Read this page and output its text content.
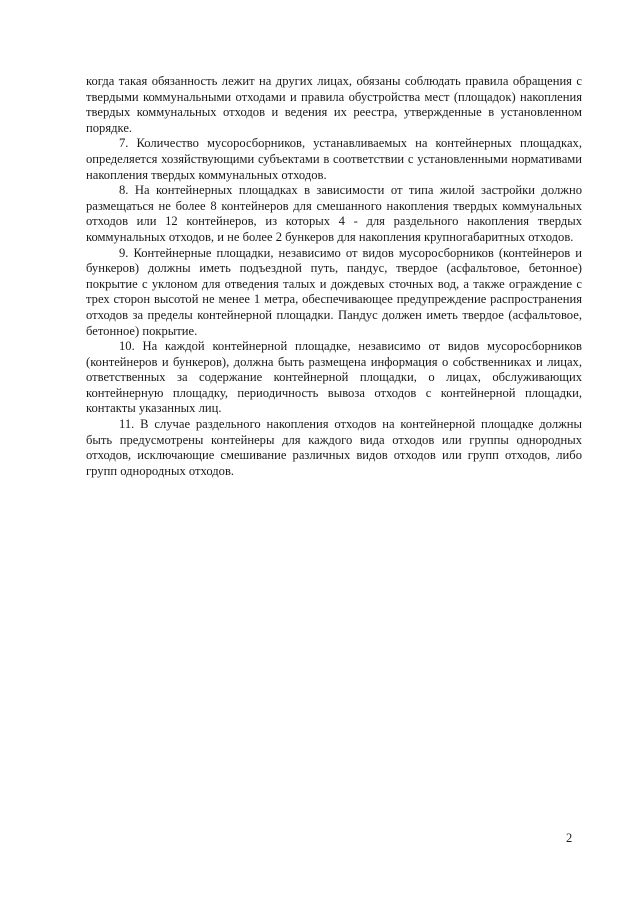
когда такая обязанность лежит на других лицах, обязаны соблюдать правила обращения с твердыми коммунальными отходами и правила обустройства мест (площадок) накопления твердых коммунальных отходов и ведения их реестра, утвержденные в установленном порядке.

7. Количество мусоросборников, устанавливаемых на контейнерных площадках, определяется хозяйствующими субъектами в соответствии с установленными нормативами накопления твердых коммунальных отходов.

8. На контейнерных площадках в зависимости от типа жилой застройки должно размещаться не более 8 контейнеров для смешанного накопления твердых коммунальных отходов или 12 контейнеров, из которых 4 - для раздельного накопления твердых коммунальных отходов, и не более 2 бункеров для накопления крупногабаритных отходов.

9. Контейнерные площадки, независимо от видов мусоросборников (контейнеров и бункеров) должны иметь подъездной путь, пандус, твердое (асфальтовое, бетонное) покрытие с уклоном для отведения талых и дождевых сточных вод, а также ограждение с трех сторон высотой не менее 1 метра, обеспечивающее предупреждение распространения отходов за пределы контейнерной площадки. Пандус должен иметь твердое (асфальтовое, бетонное) покрытие.

10. На каждой контейнерной площадке, независимо от видов мусоросборников (контейнеров и бункеров), должна быть размещена информация о собственниках и лицах, ответственных за содержание контейнерной площадки, о лицах, обслуживающих контейнерную площадку, периодичность вывоза отходов с контейнерной площадки, контакты указанных лиц.

11. В случае раздельного накопления отходов на контейнерной площадке должны быть предусмотрены контейнеры для каждого вида отходов или группы однородных отходов, исключающие смешивание различных видов отходов или групп отходов, либо групп однородных отходов.

2
